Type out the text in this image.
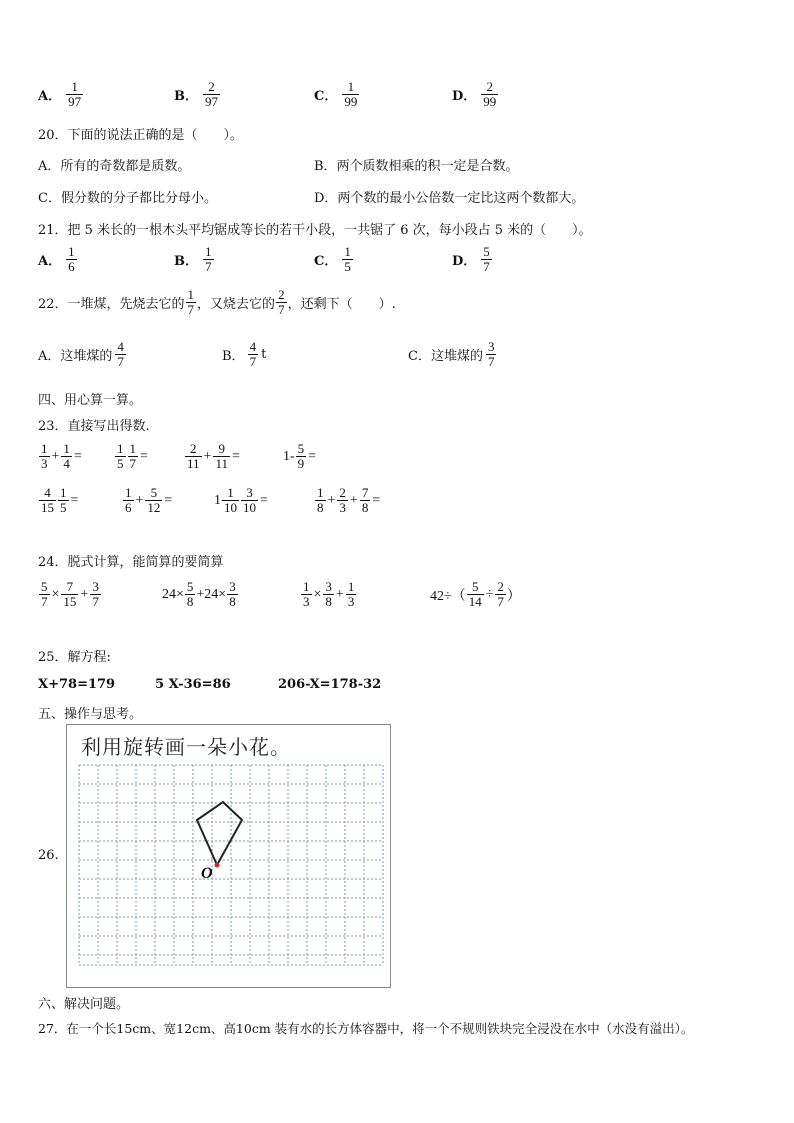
A． $\frac{1}{97}$	B． $\frac{2}{97}$	C． $\frac{1}{99}$	D． $\frac{2}{99}$
20．下面的说法正确的是（　　）。
A．所有的奇数都是质数。	B．两个质数相乘的积一定是合数。
C．假分数的分子都比分母小。	D．两个数的最小公倍数一定比这两个数都大。
21．把 5 米长的一根木头平均锯成等长的若干小段，一共锯了 6 次，每小段占 5 米的（　　）。
A． $\frac{1}{6}$	B． $\frac{1}{7}$	C． $\frac{1}{5}$	D． $\frac{5}{7}$
22．一堆煤，先烧去它的 $\frac{1}{7}$ ，又烧去它的 $\frac{2}{7}$ ，还剩下（　　）.
A．这堆煤的 $\frac{4}{7}$	B． $\frac{4}{7}$ t	C．这堆煤的 $\frac{3}{7}$
四、用心算一算。
23．直接写出得数.
$\frac{1}{3} + \frac{1}{4}$ =	$\frac{1}{5} \frac{1}{7}$ =	$\frac{2}{11} + \frac{9}{11}$ =	$1- \frac{5}{9}$ =
$\frac{4}{15} \frac{1}{5}$ =	$\frac{1}{6} + \frac{5}{12}$ =	$1 \frac{1}{10} \frac{3}{10}$ =	$\frac{1}{8} + \frac{2}{3} + \frac{7}{8}$ =
24．脱式计算，能简算的要简算
$\frac{5}{7} \times \frac{7}{15} + \frac{3}{7}$	$24\times \frac{5}{8} +24\times \frac{3}{8}$	$\frac{1}{3} \times \frac{3}{8} + \frac{1}{3}$	$42\div( \frac{5}{14} \div \frac{2}{7}$ ）
25．解方程:
X+78=179	5 X-36=86	206-X=178-32
五、操作与思考。
26.
利用旋转画一朵小花。
O
六、解决问题。
27．在一个长15cm、宽12cm、高10cm 装有水的长方体容器中，将一个不规则铁块完全浸没在水中（水没有溢出）。
